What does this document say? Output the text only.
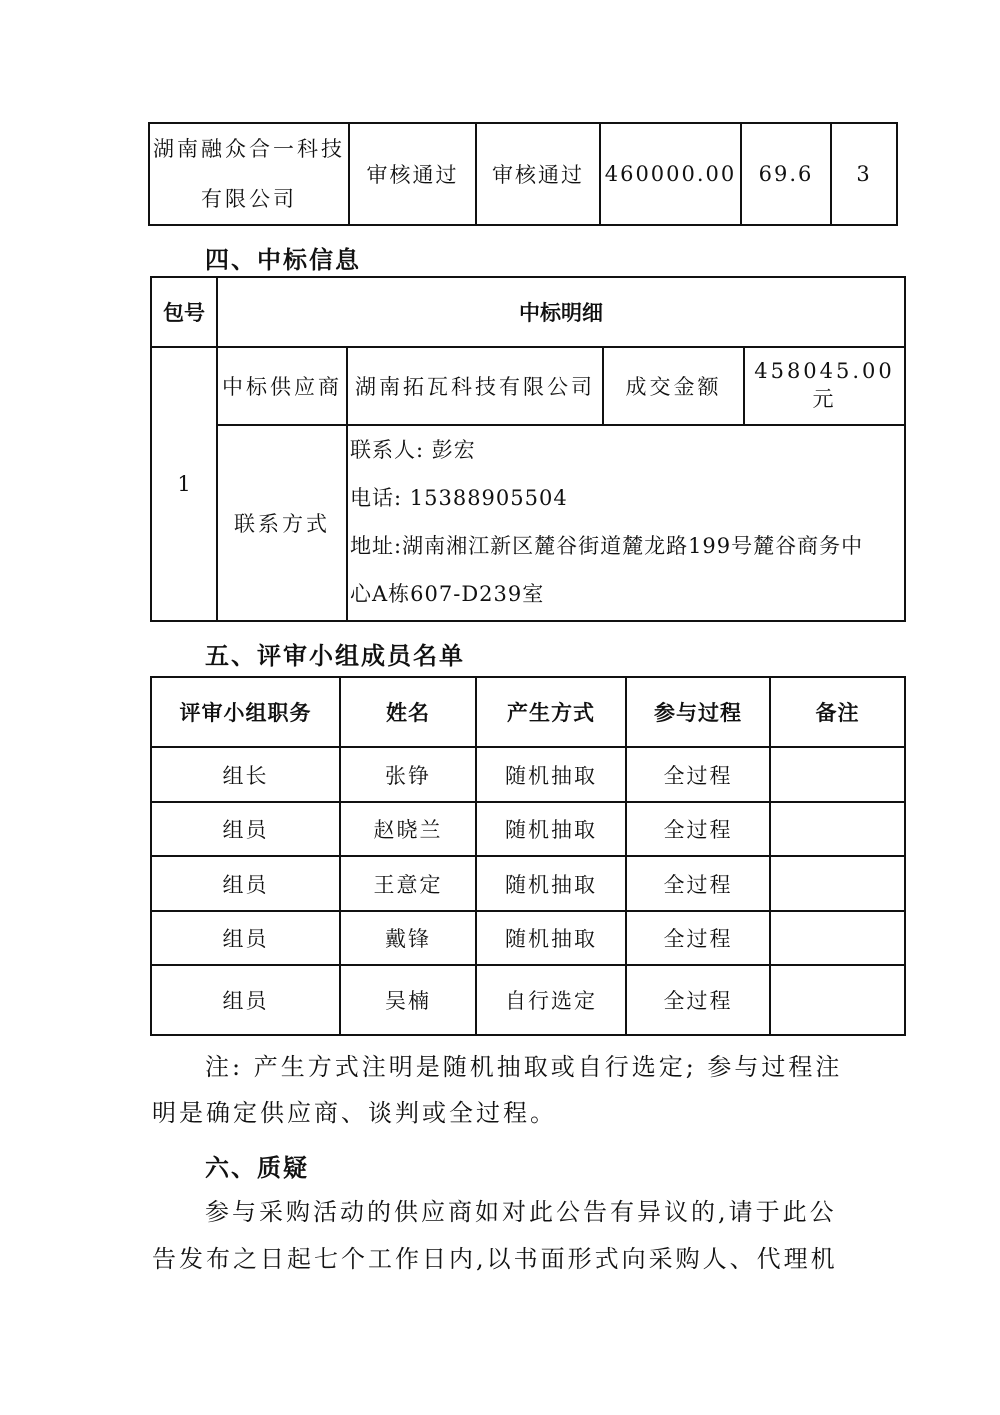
湖南融众合一科技
有限公司
	审核通过	审核通过	460000.00	69.6	3
四、中标信息
包号	中标明细			
1	中标供应商	湖南拓瓦科技有限公司	成交金额	458045.00元
	联系方式	联系人: 彭宏
电话: 15388905504
地址:湖南湘江新区麓谷街道麓龙路199号麓谷商务中
心A栋607-D239室		
五、评审小组成员名单
评审小组职务	姓名	产生方式	参与过程	备注
组长	张铮	随机抽取	全过程	
组员	赵晓兰	随机抽取	全过程	
组员	王意定	随机抽取	全过程	
组员	戴锋	随机抽取	全过程	
组员	吴楠	自行选定	全过程	
注: 产生方式注明是随机抽取或自行选定; 参与过程注
明是确定供应商、谈判或全过程。
六、质疑
参与采购活动的供应商如对此公告有异议的,请于此公
告发布之日起七个工作日内,以书面形式向采购人、代理机
